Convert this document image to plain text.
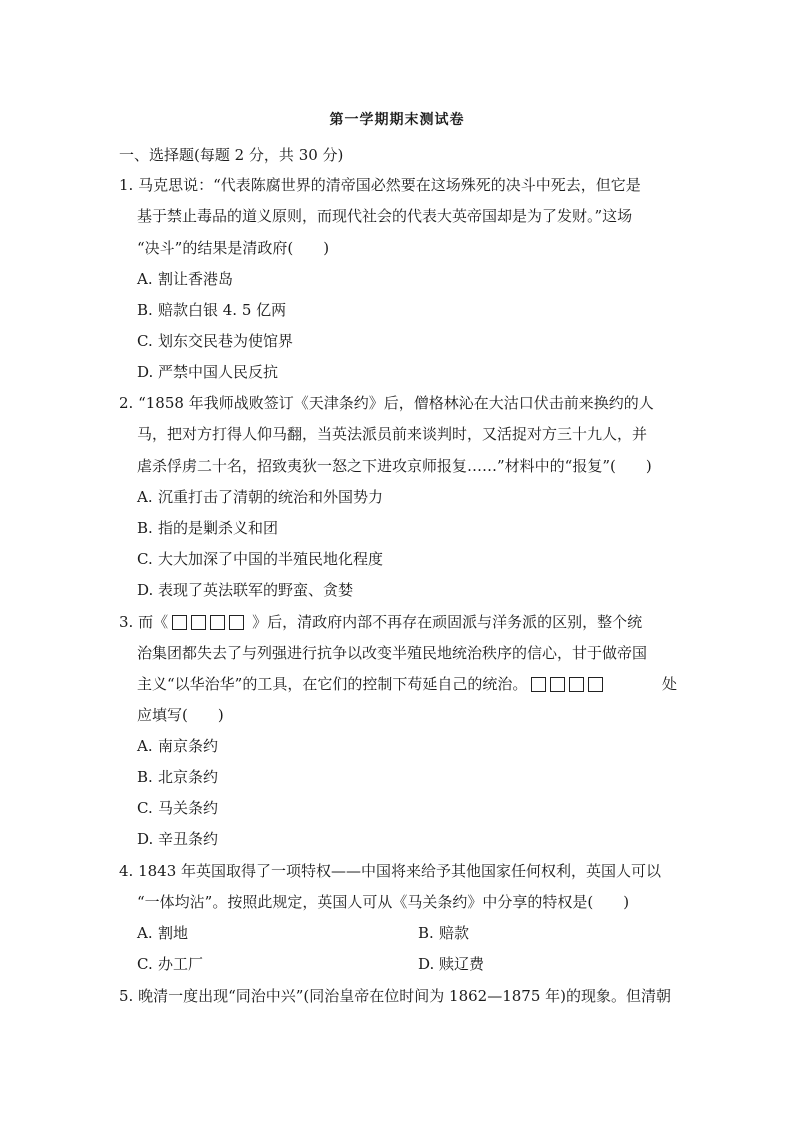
第一学期期末测试卷
一、选择题(每题 2 分，共 30 分)
1. 马克思说：“代表陈腐世界的清帝国必然要在这场殊死的决斗中死去，但它是
基于禁止毒品的道义原则，而现代社会的代表大英帝国却是为了发财。”这场
“决斗”的结果是清政府(　　)
A. 割让香港岛
B. 赔款白银 4. 5 亿两
C. 划东交民巷为使馆界
D. 严禁中国人民反抗
2. “1858 年我师战败签订《天津条约》后，僧格林沁在大沽口伏击前来换约的人
马，把对方打得人仰马翻，当英法派员前来谈判时，又活捉对方三十九人，并
虐杀俘虏二十名，招致夷狄一怒之下进攻京师报复……”材料中的“报复”(　　)
A. 沉重打击了清朝的统治和外国势力
B. 指的是剿杀义和团
C. 大大加深了中国的半殖民地化程度
D. 表现了英法联军的野蛮、贪婪
3. 而《	》后，清政府内部不再存在顽固派与洋务派的区别，整个统
治集团都失去了与列强进行抗争以改变半殖民地统治秩序的信心，甘于做帝国
主义“以华治华”的工具，在它们的控制下苟延自己的统治。	处
应填写(　　)
A. 南京条约
B. 北京条约
C. 马关条约
D. 辛丑条约
4. 1843 年英国取得了一项特权——中国将来给予其他国家任何权利，英国人可以
“一体均沾”。按照此规定，英国人可从《马关条约》中分享的特权是(　　)
A. 割地	B. 赔款
C. 办工厂	D. 赎辽费
5. 晚清一度出现“同治中兴”(同治皇帝在位时间为 1862—1875 年)的现象。但清朝
